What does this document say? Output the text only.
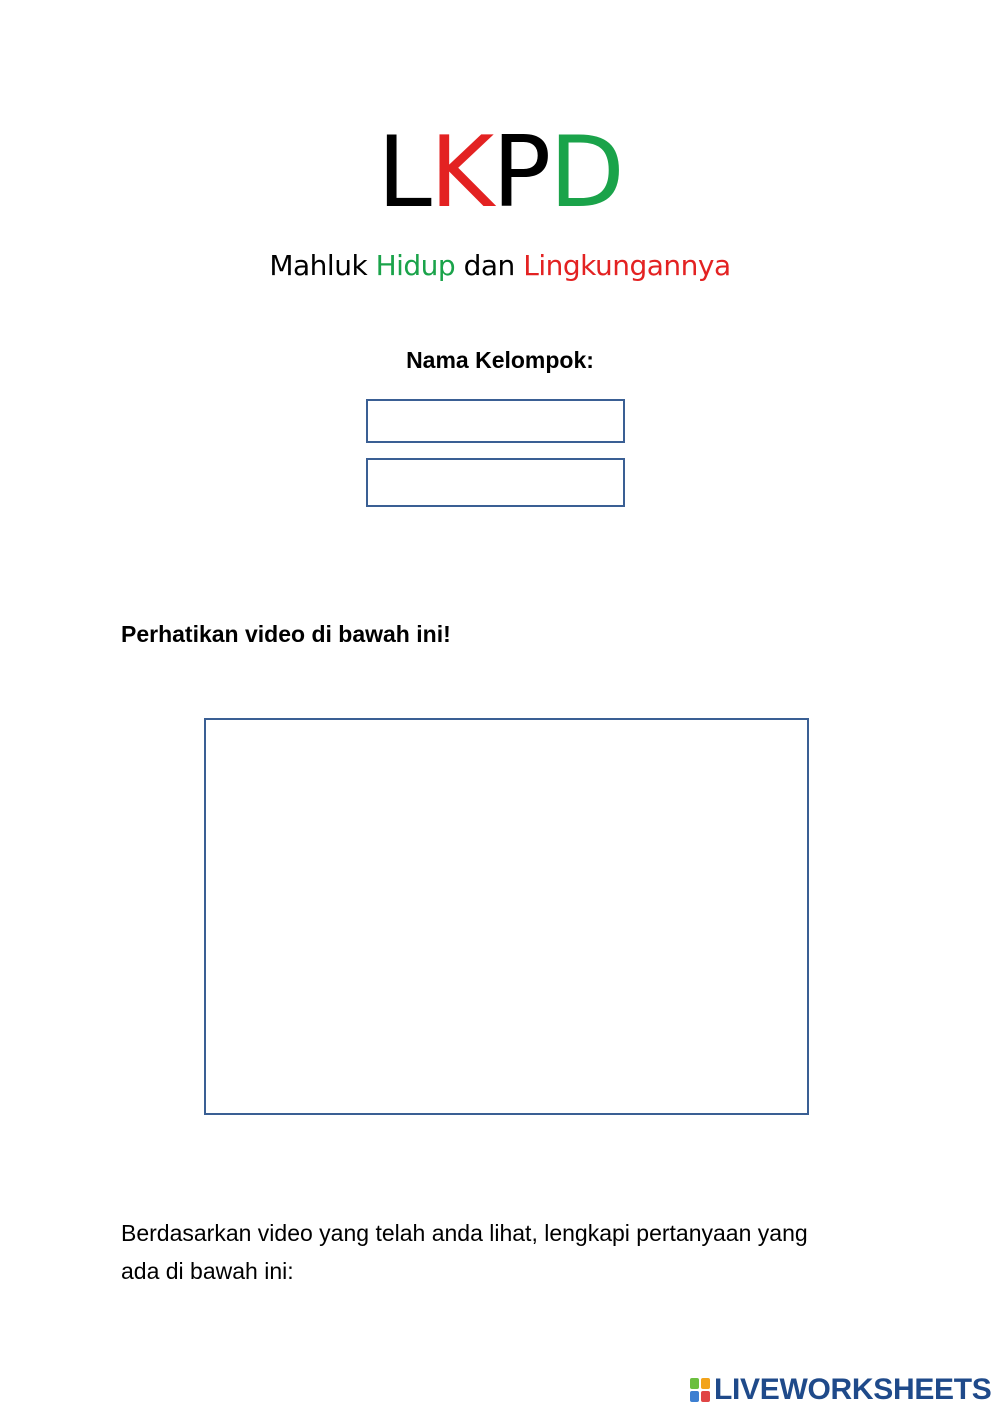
LKPD
Mahluk Hidup dan Lingkungannya
Nama Kelompok:
Perhatikan video di bawah ini!
Berdasarkan video yang telah anda lihat, lengkapi pertanyaan yang
ada di bawah ini:
LIVEWORKSHEETS
